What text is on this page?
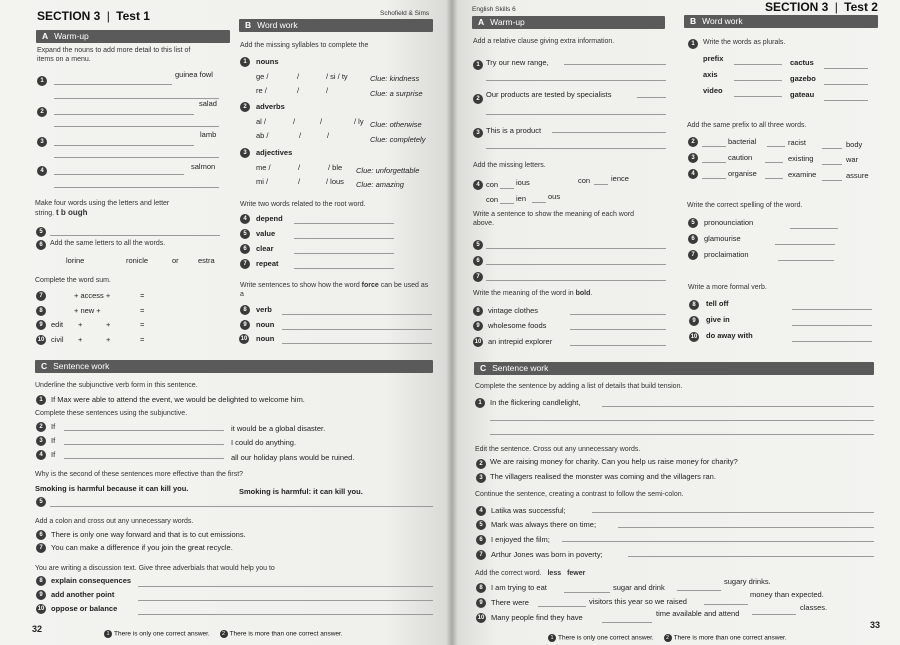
SECTION 3 | Test 1	Schofield & Sims
A Warm-up
Expand the nouns to add more detail to this list of items on a menu.
1
guinea fowl
2
salad
3
lamb
4	salmon
Make four words using the letters and letter string. t b ough
5
6	Add the same letters to all the words.
lorine	ronicle	or	estra
Complete the word sum.
7	+ access +	=
8	+ new +	=
9	edit +	+	=
10 civil +	+	=
B Word work
Add the missing syllables to complete the
1	nouns
ge /	/	/ si / ty	Clue: kindness
re /	/	/	Clue: a surprise
2	adverbs
al /	/	/	/ ly Clue: otherwise
ab /	/	/	Clue: completely
3	adjectives
me /	/	/ ble Clue: unforgettable
mi /	/	/ lous Clue: amazing
Write two words related to the root word.
4	depend
5	value
6	clear
7	repeat
Write sentences to show how the word force can be used as a
8	verb
9	noun
10 noun
C Sentence work
Underline the subjunctive verb form in this sentence.
1	If Max were able to attend the event, we would be delighted to welcome him.
Complete these sentences using the subjunctive.
2	If	it would be a global disaster.
3	If	I could do anything.
4	If	all our holiday plans would be ruined.
Why is the second of these sentences more effective than the first?
Smoking is harmful because it can kill you.	Smoking is harmful: it can kill you.
5
Add a colon and cross out any unnecessary words.
6	There is only one way forward and that is to cut emissions.
7	You can make a difference if you join the great recycle.
You are writing a discussion text. Give three adverbials that would help you to
8	explain consequences
9	add another point
10 oppose or balance
32	1 There is only one correct answer. 2 There is more than one correct answer.
English Skills 6	SECTION 3 | Test 2
A Warm-up
Add a relative clause giving extra information.
1 Try our new range,
2 Our products are tested by specialists
3 This is a product
Add the missing letters.
4 con ious	con	ience
con ien	ous
Write a sentence to show the meaning of each word above.
5
6
7
Write the meaning of the word in bold.
8	vintage clothes
9	wholesome foods
10 an intrepid explorer
B Word work
1	Write the words as plurals.
prefix	cactus
axis	gazebo
video	gateau
Add the same prefix to all three words.
2	bacterial	racist	body
3	caution	existing	war
4	organise	examine	assure
Write the correct spelling of the word.
5	pronounciation
6	glamourise
7	proclaimation
Write a more formal verb.
8	tell off
9	give in
10 do away with
C Sentence work
Complete the sentence by adding a list of details that build tension.
1	In the flickering candlelight,
Edit the sentence. Cross out any unnecessary words.
2 We are raising money for charity. Can you help us raise money for charity?
3 The villagers realised the monster was coming and the villagers ran.
Continue the sentence, creating a contrast to follow the semi-colon.
4	Latika was successful;
5	Mark was always there on time;
6	I enjoyed the film;
7	Arthur Jones was born in poverty;
Add the correct word. less fewer
8	I am trying to eat	sugar and drink
sugary drinks.
9	There were	visitors this year so we raised
money than expected.
10 Many people find they have	time available and attend
classes.
1 There is only one correct answer. 2 There is more than one correct answer.
33
